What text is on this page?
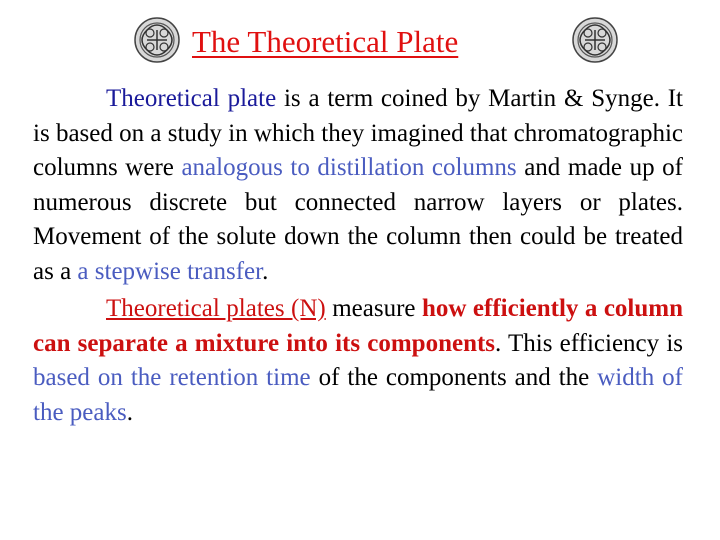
The Theoretical Plate
Theoretical plate is a term coined by Martin & Synge. It is based on a study in which they imagined that chromatographic columns were analogous to distillation columns and made up of numerous discrete but connected narrow layers or plates. Movement of the solute down the column then could be treated as a a stepwise transfer.
Theoretical plates (N) measure how efficiently a column can separate a mixture into its components. This efficiency is based on the retention time of the components and the width of the peaks.
